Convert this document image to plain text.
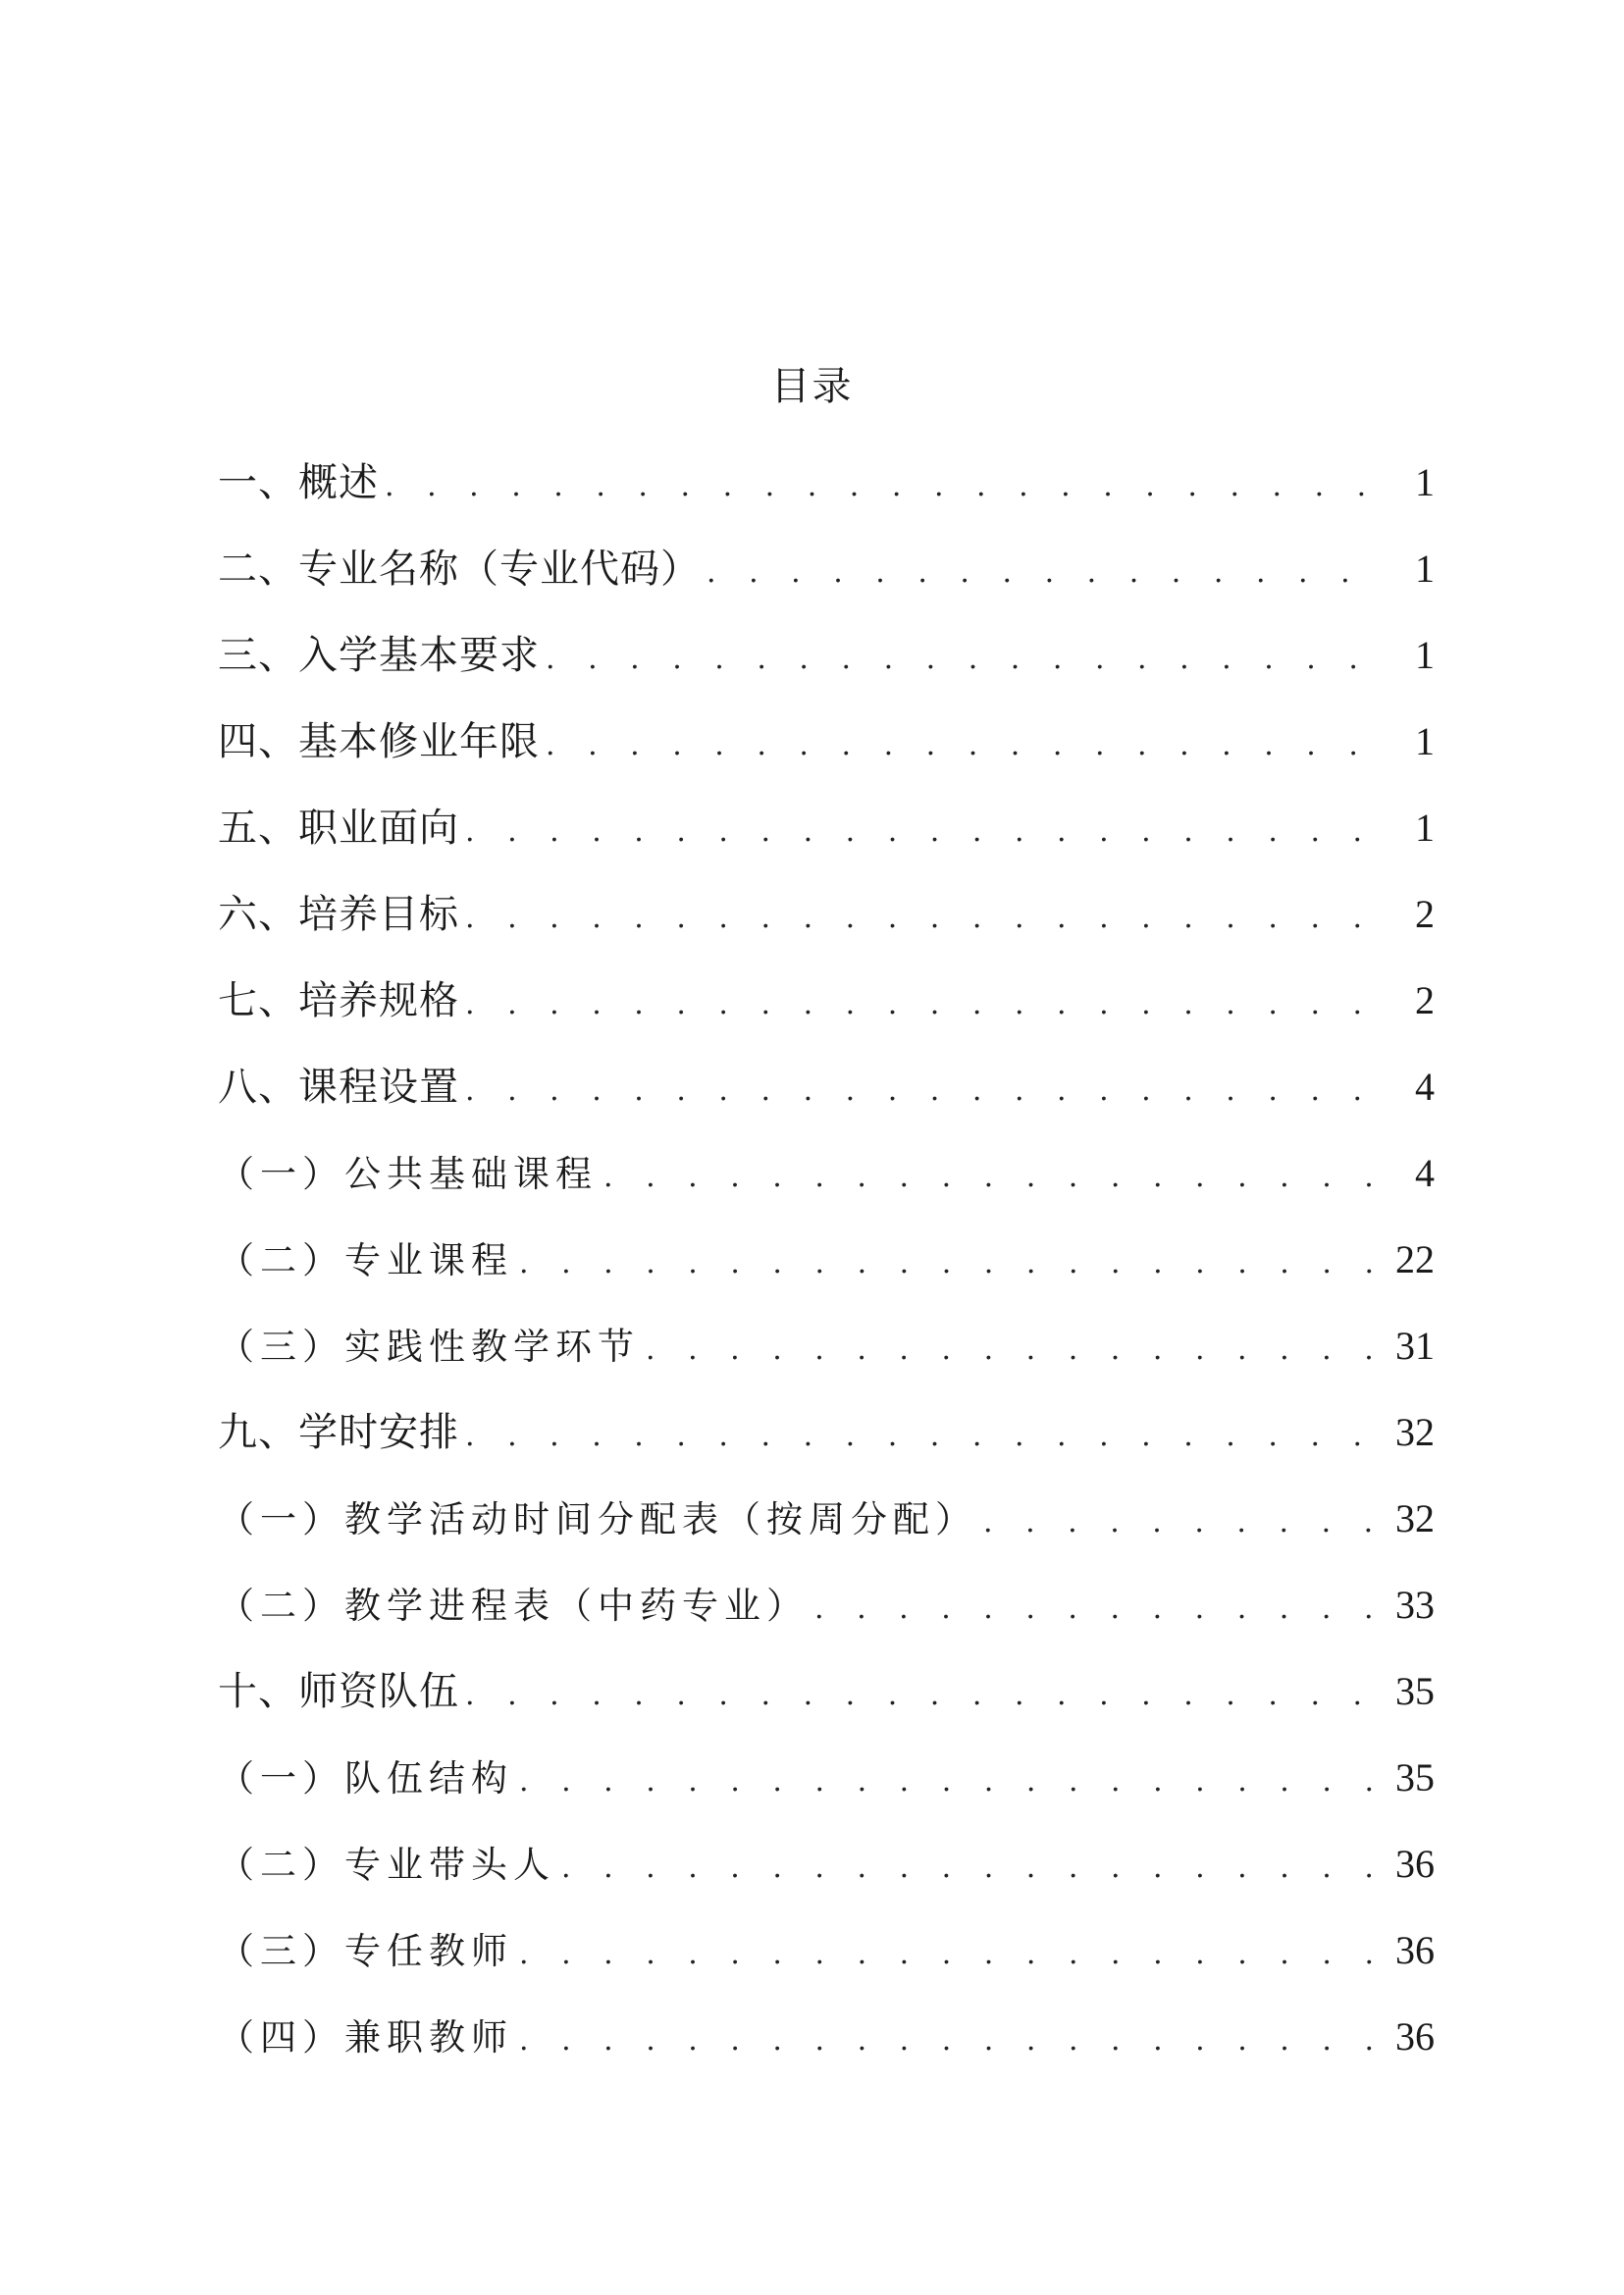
目录
一、概述 . . .	1
二、专业名称（专业代码） . . .	1
三、入学基本要求 . . .	1
四、基本修业年限 . . .	1
五、职业面向 . . .	1
六、培养目标 . . .	2
七、培养规格 . . .	2
八、课程设置 . . .	4
（一）公共基础课程 . . .	4
（二）专业课程 . . .	22
（三）实践性教学环节 . . .	31
九、学时安排 . . .	32
（一）教学活动时间分配表（按周分配） . . .	32
（二）教学进程表（中药专业） . . .	33
十、师资队伍 . . .	35
（一）队伍结构 . . .	35
（二）专业带头人 . . .	36
（三）专任教师 . . .	36
（四）兼职教师 . . .	36
